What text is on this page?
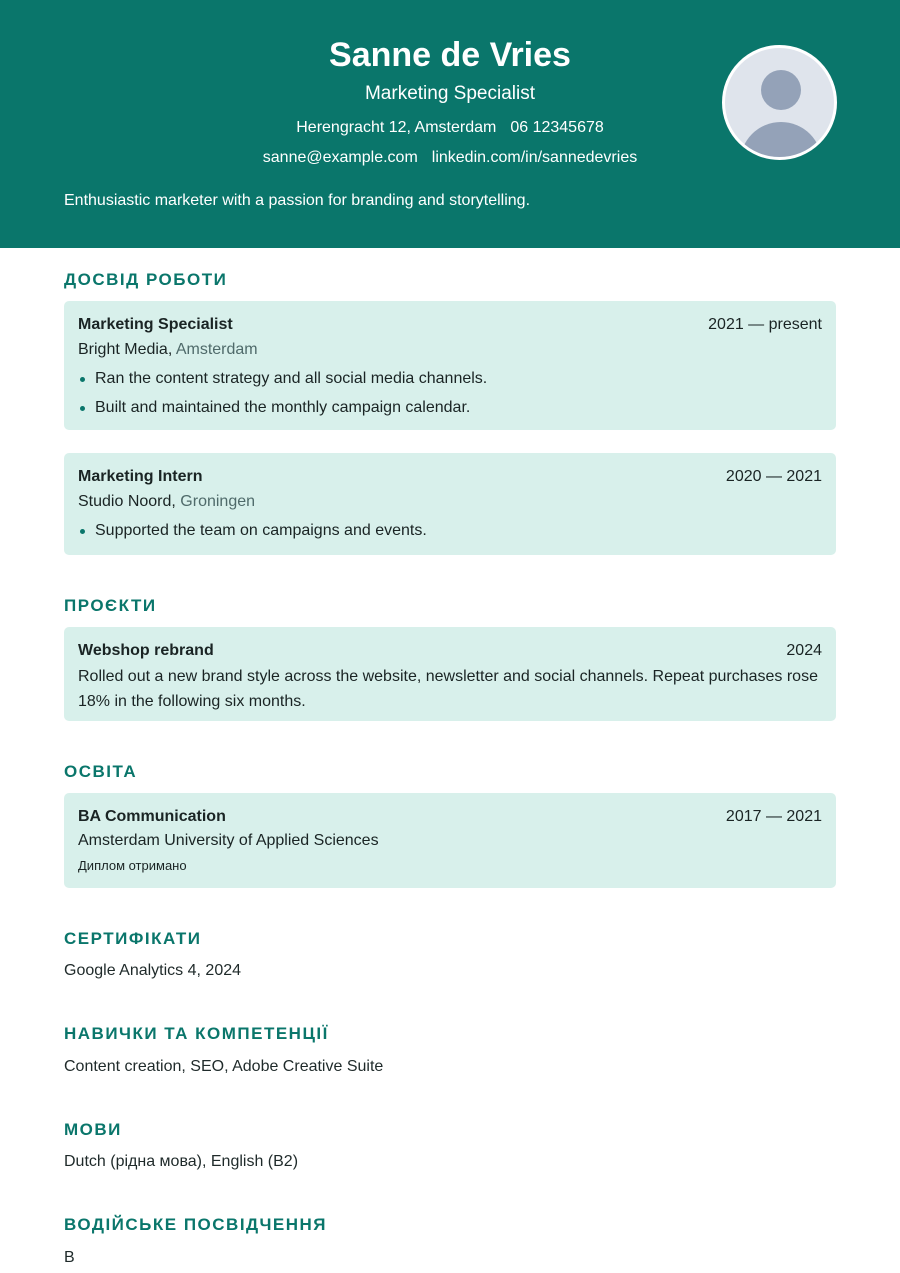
Sanne de Vries
Marketing Specialist
Herengracht 12, Amsterdam 06 12345678
sanne@example.com linkedin.com/in/sannedevries
Enthusiastic marketer with a passion for branding and storytelling.
ДОСВІД РОБОТИ
Marketing Specialist	2021 — present
Bright Media, Amsterdam
Ran the content strategy and all social media channels.
Built and maintained the monthly campaign calendar.
Marketing Intern	2020 — 2021
Studio Noord, Groningen
Supported the team on campaigns and events.
ПРОЄКТИ
Webshop rebrand	2024
Rolled out a new brand style across the website, newsletter and social channels. Repeat purchases rose 18% in the following six months.
ОСВІТА
BA Communication	2017 — 2021
Amsterdam University of Applied Sciences
Диплом отримано
СЕРТИФІКАТИ
Google Analytics 4, 2024
НАВИЧКИ ТА КОМПЕТЕНЦІЇ
Content creation, SEO, Adobe Creative Suite
МОВИ
Dutch (рідна мова), English (B2)
ВОДІЙСЬКЕ ПОСВІДЧЕННЯ
B
